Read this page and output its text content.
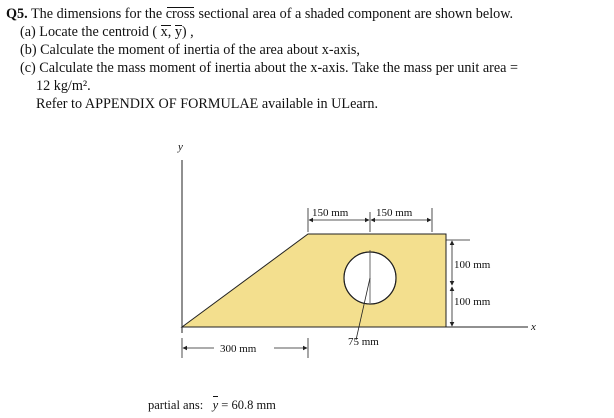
Q5. The dimensions for the cross sectional area of a shaded component are shown below.
(a) Locate the centroid ( x, y) ,
(b) Calculate the moment of inertia of the area about x-axis,
(c) Calculate the mass moment of inertia about the x-axis. Take the mass per unit area =
12 kg/m².
Refer to APPENDIX OF FORMULAE available in ULearn.
y
x
150 mm	150 mm
100 mm
100 mm
300 mm
75 mm
partial ans: y = 60.8 mm
